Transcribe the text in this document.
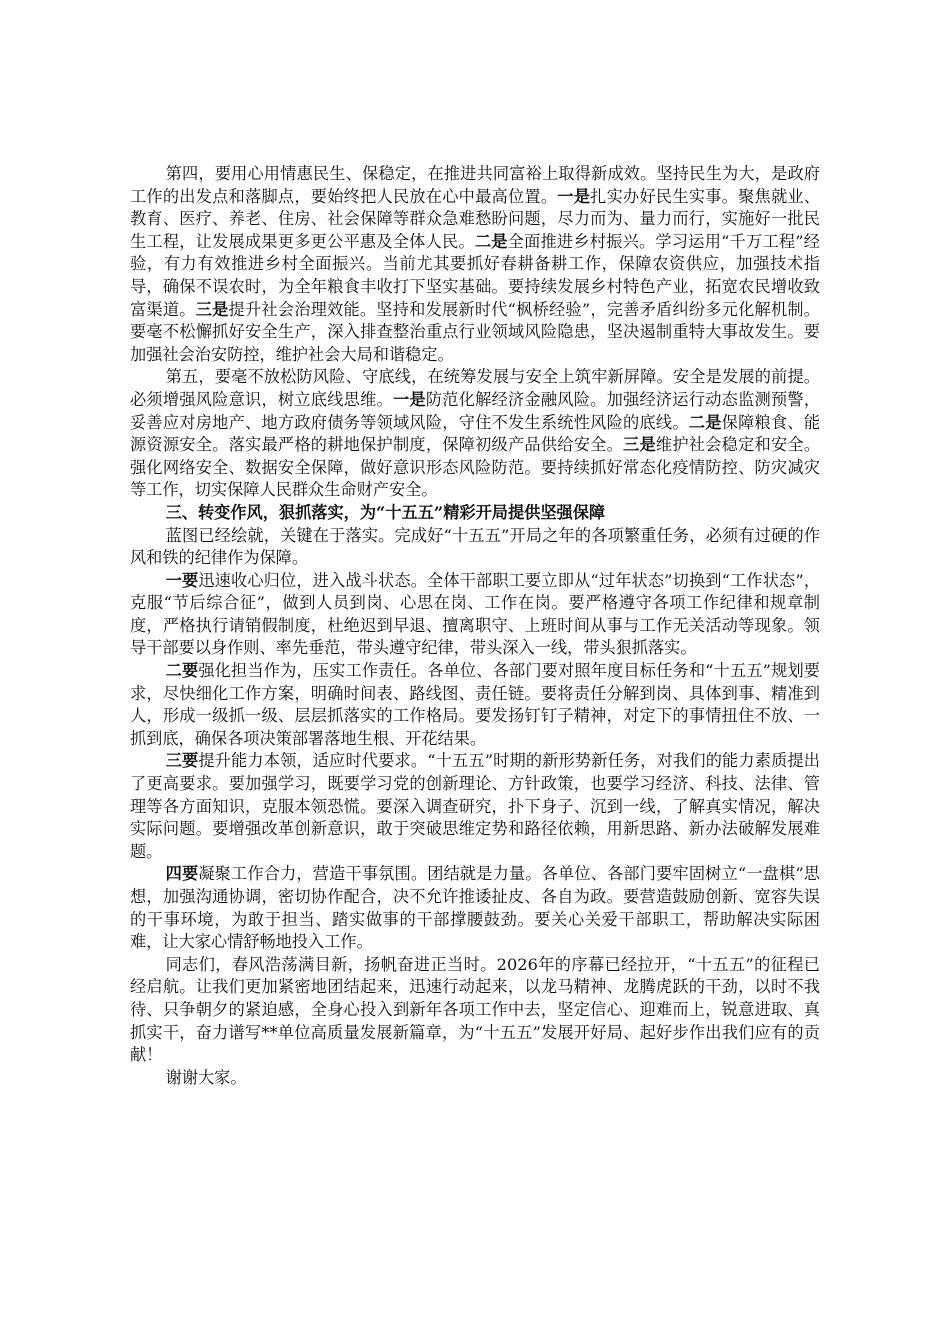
第四，要用心用情惠民生、保稳定，在推进共同富裕上取得新成效。坚持民生为大，是政府工作的出发点和落脚点，要始终把人民放在心中最高位置。一是扎实办好民生实事。聚焦就业、教育、医疗、养老、住房、社会保障等群众急难愁盼问题，尽力而为、量力而行，实施好一批民生工程，让发展成果更多更公平惠及全体人民。二是全面推进乡村振兴。学习运用“千万工程”经验，有力有效推进乡村全面振兴。当前尤其要抓好春耕备耕工作，保障农资供应，加强技术指导，确保不误农时，为全年粮食丰收打下坚实基础。要持续发展乡村特色产业，拓宽农民增收致富渠道。三是提升社会治理效能。坚持和发展新时代“枫桥经验”，完善矛盾纠纷多元化解机制。要毫不松懈抓好安全生产，深入排查整治重点行业领域风险隐患，坚决遏制重特大事故发生。要加强社会治安防控，维护社会大局和谐稳定。

第五，要毫不放松防风险、守底线，在统筹发展与安全上筑牢新屏障。安全是发展的前提。必须增强风险意识，树立底线思维。一是防范化解经济金融风险。加强经济运行动态监测预警，妥善应对房地产、地方政府债务等领域风险，守住不发生系统性风险的底线。二是保障粮食、能源资源安全。落实最严格的耕地保护制度，保障初级产品供给安全。三是维护社会稳定和安全。强化网络安全、数据安全保障，做好意识形态风险防范。要持续抓好常态化疫情防控、防灾减灾等工作，切实保障人民群众生命财产安全。

三、转变作风，狠抓落实，为“十五五”精彩开局提供坚强保障

蓝图已经绘就，关键在于落实。完成好“十五五”开局之年的各项繁重任务，必须有过硬的作风和铁的纪律作为保障。

一要迅速收心归位，进入战斗状态。全体干部职工要立即从“过年状态”切换到“工作状态”，克服“节后综合征”，做到人员到岗、心思在岗、工作在岗。要严格遵守各项工作纪律和规章制度，严格执行请销假制度，杜绝迟到早退、擅离职守、上班时间从事与工作无关活动等现象。领导干部要以身作则、率先垂范，带头遵守纪律，带头深入一线，带头狠抓落实。

二要强化担当作为，压实工作责任。各单位、各部门要对照年度目标任务和“十五五”规划要求，尽快细化工作方案，明确时间表、路线图、责任链。要将责任分解到岗、具体到事、精准到人，形成一级抓一级、层层抓落实的工作格局。要发扬钉钉子精神，对定下的事情扭住不放、一抓到底，确保各项决策部署落地生根、开花结果。

三要提升能力本领，适应时代要求。“十五五”时期的新形势新任务，对我们的能力素质提出了更高要求。要加强学习，既要学习党的创新理论、方针政策，也要学习经济、科技、法律、管理等各方面知识，克服本领恐慌。要深入调查研究，扑下身子、沉到一线，了解真实情况，解决实际问题。要增强改革创新意识，敢于突破思维定势和路径依赖，用新思路、新办法破解发展难题。

四要凝聚工作合力，营造干事氛围。团结就是力量。各单位、各部门要牢固树立“一盘棋”思想，加强沟通协调，密切协作配合，决不允许推诿扯皮、各自为政。要营造鼓励创新、宽容失误的干事环境，为敢于担当、踏实做事的干部撑腰鼓劲。要关心关爱干部职工，帮助解决实际困难，让大家心情舒畅地投入工作。

同志们，春风浩荡满目新，扬帆奋进正当时。2026年的序幕已经拉开，“十五五”的征程已经启航。让我们更加紧密地团结起来，迅速行动起来，以龙马精神、龙腾虎跃的干劲，以时不我待、只争朝夕的紧迫感，全身心投入到新年各项工作中去，坚定信心、迎难而上，锐意进取、真抓实干，奋力谱写**单位高质量发展新篇章，为“十五五”发展开好局、起好步作出我们应有的贡献！

谢谢大家。
